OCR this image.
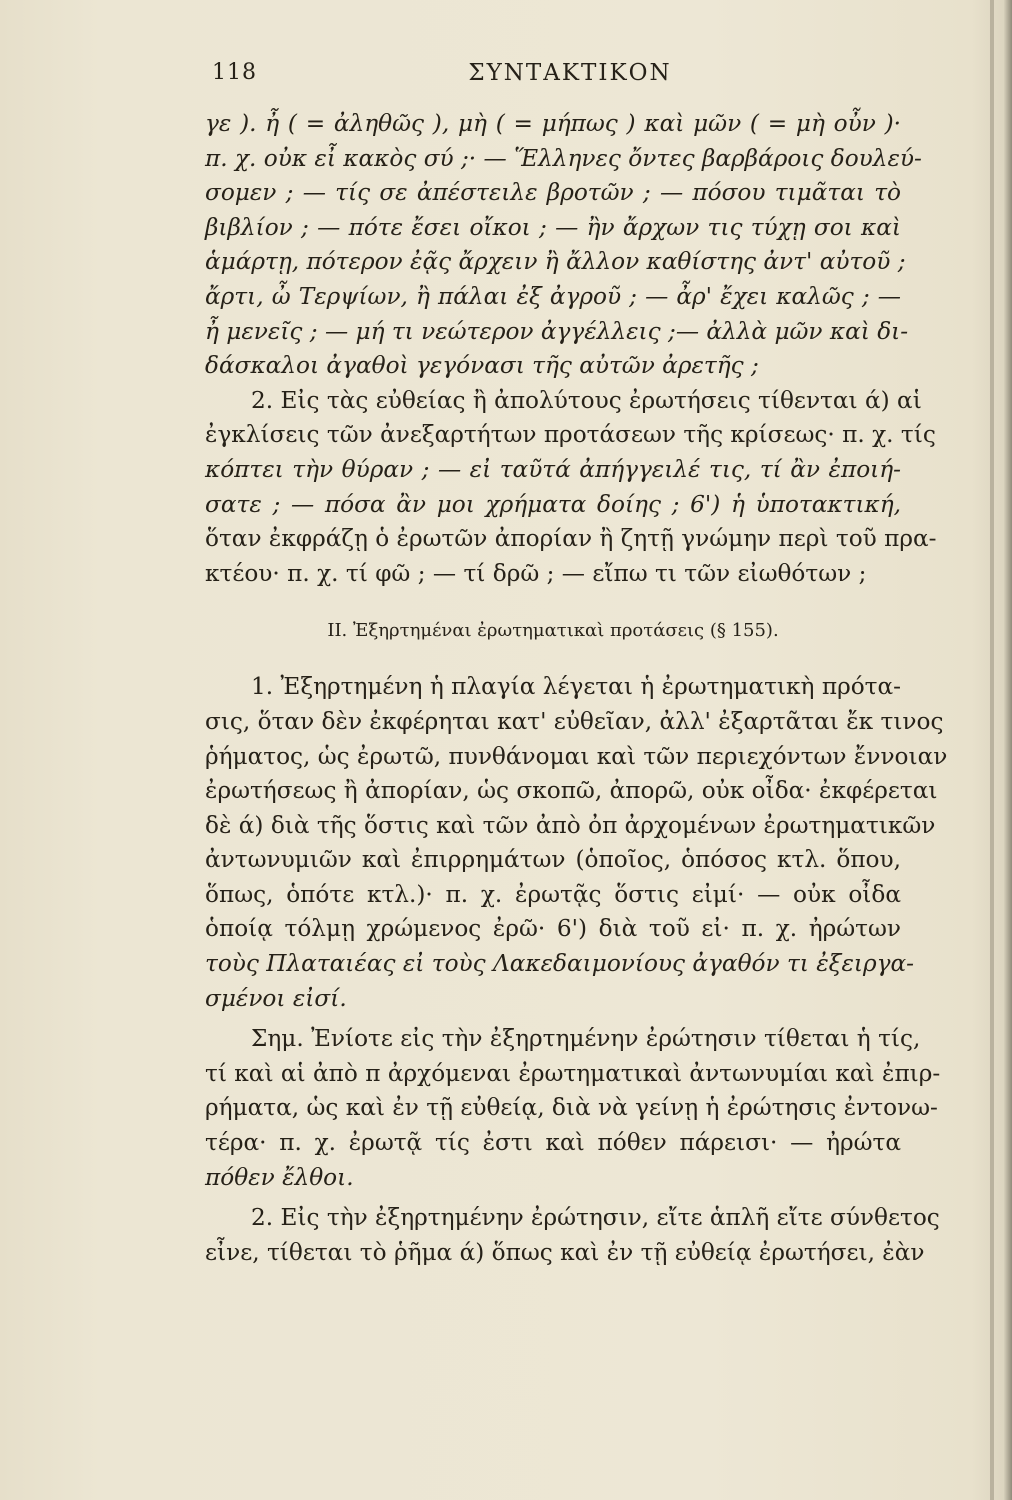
118	ΣΥΝΤΑΚΤΙΚΟΝ
γε ). ἦ ( = ἀληθῶς ), μὴ ( = μήπως ) καὶ μῶν ( = μὴ οὖν )·
π. χ. οὐκ εἶ κακὸς σύ ;· — Ἕλληνες ὄντες βαρβάροις δουλεύ-
σομεν ; — τίς σε ἀπέστειλε βροτῶν ; — πόσου τιμᾶται τὸ
βιβλίον ; — πότε ἔσει οἴκοι ; — ἢν ἄρχων τις τύχῃ σοι καὶ
ἁμάρτῃ, πότερον ἐᾷς ἄρχειν ἢ ἄλλον καθίστης ἀντ' αὐτοῦ ;
ἄρτι, ὦ Τερψίων, ἢ πάλαι ἐξ ἀγροῦ ; — ἆρ' ἔχει καλῶς ; —
ἦ μενεῖς ; — μή τι νεώτερον ἀγγέλλεις ;— ἀλλὰ μῶν καὶ δι-
δάσκαλοι ἀγαθοὶ γεγόνασι τῆς αὐτῶν ἀρετῆς ;
2. Εἰς τὰς εὐθείας ἢ ἀπολύτους ἐρωτήσεις τίθενται ά) αἱ
ἐγκλίσεις τῶν ἀνεξαρτήτων προτάσεων τῆς κρίσεως· π. χ. τίς
κόπτει τὴν θύραν ; — εἰ ταῦτά ἀπήγγειλέ τις, τί ἂν ἐποιή-
σατε ; — πόσα ἂν μοι χρήματα δοίης ; 6') ἡ ὑποτακτική,
ὅταν ἐκφράζῃ ὁ ἐρωτῶν ἀπορίαν ἢ ζητῇ γνώμην περὶ τοῦ πρα-
κτέου· π. χ. τί φῶ ; — τί δρῶ ; — εἴπω τι τῶν εἰωθότων ;
II. Ἐξηρτημέναι ἐρωτηματικαὶ προτάσεις (§ 155).
1. Ἐξηρτημένη ἡ πλαγία λέγεται ἡ ἐρωτηματικὴ πρότα-
σις, ὅταν δὲν ἐκφέρηται κατ' εὐθεῖαν, ἀλλ' ἐξαρτᾶται ἔκ τινος
ῥήματος, ὡς ἐρωτῶ, πυνθάνομαι καὶ τῶν περιεχόντων ἔννοιαν
ἐρωτήσεως ἢ ἀπορίαν, ὡς σκοπῶ, ἀπορῶ, οὐκ οἶδα· ἐκφέρεται
δὲ ά) διὰ τῆς ὅστις καὶ τῶν ἀπὸ ὀπ ἀρχομένων ἐρωτηματικῶν
ἀντωνυμιῶν καὶ ἐπιρρημάτων (ὁποῖος, ὁπόσος κτλ. ὅπου,
ὅπως, ὁπότε κτλ.)· π. χ. ἐρωτᾷς ὅστις εἰμί· — οὐκ οἶδα
ὁποίᾳ τόλμῃ χρώμενος ἐρῶ· 6') διὰ τοῦ εἰ· π. χ. ἠρώτων
τοὺς Πλαταιέας εἰ τοὺς Λακεδαιμονίους ἀγαθόν τι ἐξειργα-
σμένοι εἰσί.
Σημ. Ἐνίοτε εἰς τὴν ἐξηρτημένην ἐρώτησιν τίθεται ἡ τίς,
τί καὶ αἱ ἀπὸ π ἀρχόμεναι ἐρωτηματικαὶ ἀντωνυμίαι καὶ ἐπιρ-
ρήματα, ὡς καὶ ἐν τῇ εὐθείᾳ, διὰ νὰ γείνῃ ἡ ἐρώτησις ἐντονω-
τέρα· π. χ. ἐρωτᾷ τίς ἐστι καὶ πόθεν πάρεισι· — ἠρώτα
πόθεν ἔλθοι.
2. Εἰς τὴν ἐξηρτημένην ἐρώτησιν, εἴτε ἁπλῆ εἴτε σύνθετος
εἶνε, τίθεται τὸ ῥῆμα ά) ὅπως καὶ ἐν τῇ εὐθείᾳ ἐρωτήσει, ἐὰν
